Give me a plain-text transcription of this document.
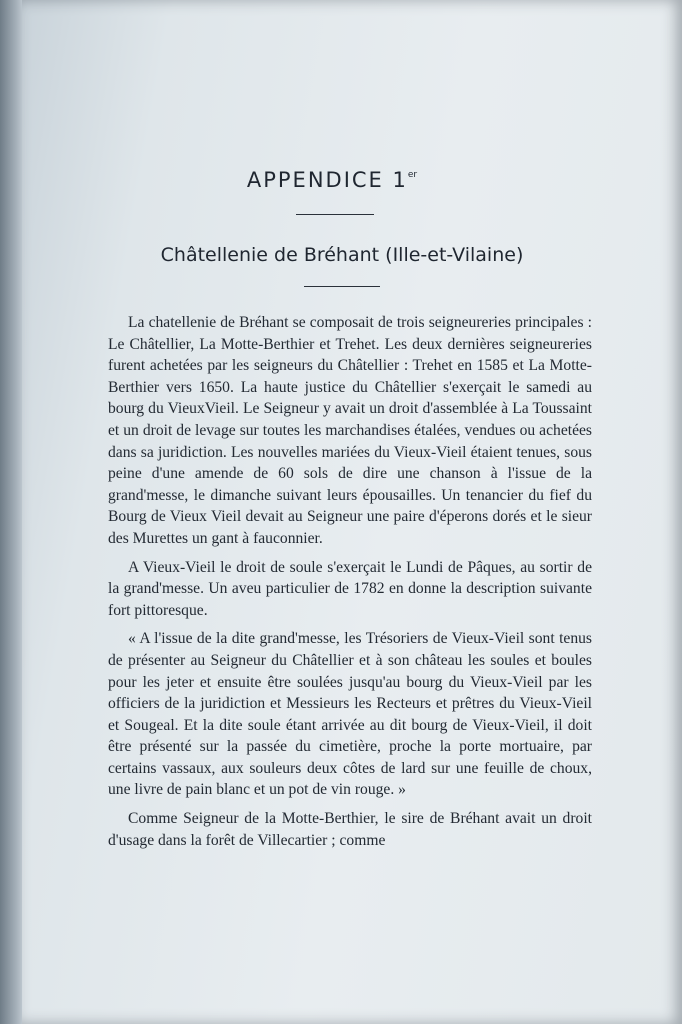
APPENDICE 1er
Châtellenie de Bréhant (Ille-et-Vilaine)

La chatellenie de Bréhant se composait de trois seigneureries principales : Le Châtellier, La Motte-Berthier et Trehet. Les deux dernières seigneureries furent achetées par les seigneurs du Châtellier : Trehet en 1585 et La Motte-Berthier vers 1650. La haute justice du Châtellier s'exerçait le samedi au bourg du VieuxVieil. Le Seigneur y avait un droit d'assemblée à La Toussaint et un droit de levage sur toutes les marchandises étalées, vendues ou achetées dans sa juridiction. Les nouvelles mariées du Vieux-Vieil étaient tenues, sous peine d'une amende de 60 sols de dire une chanson à l'issue de la grand'messe, le dimanche suivant leurs épousailles. Un tenancier du fief du Bourg de Vieux Vieil devait au Seigneur une paire d'éperons dorés et le sieur des Murettes un gant à fauconnier.

A Vieux-Vieil le droit de soule s'exerçait le Lundi de Pâques, au sortir de la grand'messe. Un aveu particulier de 1782 en donne la description suivante fort pittoresque.

« A l'issue de la dite grand'messe, les Trésoriers de Vieux-Vieil sont tenus de présenter au Seigneur du Châtellier et à son château les soules et boules pour les jeter et ensuite être soulées jusqu'au bourg du Vieux-Vieil par les officiers de la juridiction et Messieurs les Recteurs et prêtres du Vieux-Vieil et Sougeal. Et la dite soule étant arrivée au dit bourg de Vieux-Vieil, il doit être présenté sur la passée du cimetière, proche la porte mortuaire, par certains vassaux, aux souleurs deux côtes de lard sur une feuille de choux, une livre de pain blanc et un pot de vin rouge. »

Comme Seigneur de la Motte-Berthier, le sire de Bréhant avait un droit d'usage dans la forêt de Villecartier ; comme
